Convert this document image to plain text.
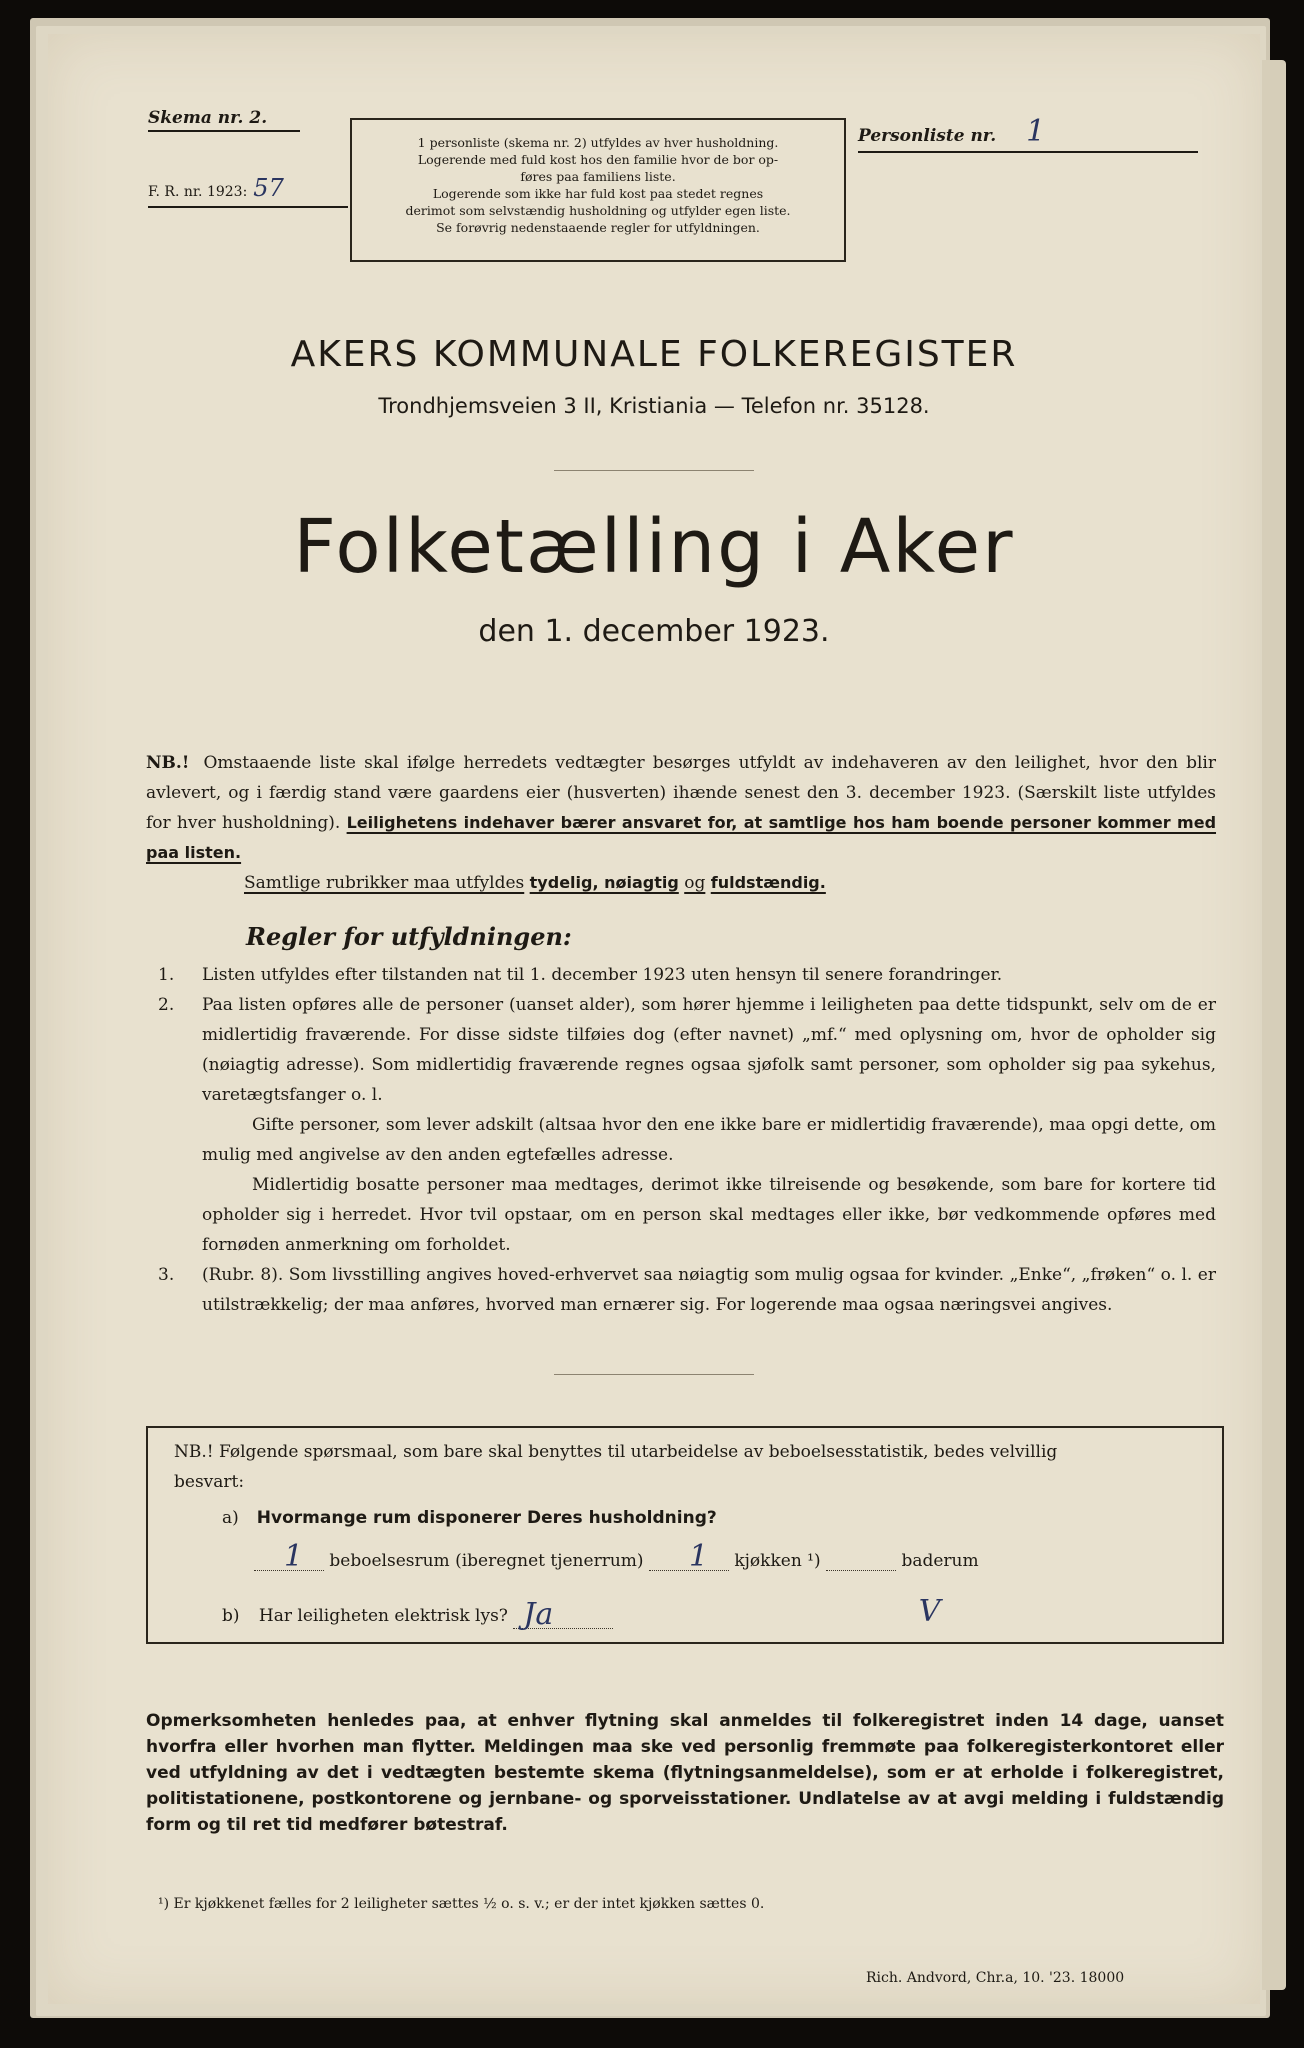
Skema nr. 2.
F. R. nr. 1923: 57
1 personliste (skema nr. 2) utfyldes av hver husholdning.
Logerende med fuld kost hos den familie hvor de bor op-
føres paa familiens liste.
Logerende som ikke har fuld kost paa stedet regnes
derimot som selvstændig husholdning og utfylder egen liste.
Se forøvrig nedenstaaende regler for utfyldningen.
Personliste nr. 1
AKERS KOMMUNALE FOLKEREGISTER
Trondhjemsveien 3 II, Kristiania — Telefon nr. 35128.
Folketælling i Aker
den 1. december 1923.
NB.! Omstaaende liste skal ifølge herredets vedtægter besørges utfyldt av indehaveren av den leilighet, hvor den blir avlevert, og i færdig stand være gaardens eier (husverten) ihænde senest den 3. december 1923. (Særskilt liste utfyldes for hver husholdning). Leilighetens indehaver bærer ansvaret for, at samtlige hos ham boende personer kommer med paa listen.
Samtlige rubrikker maa utfyldes tydelig, nøiagtig og fuldstændig.
Regler for utfyldningen:

1. Listen utfyldes efter tilstanden nat til 1. december 1923 uten hensyn til senere forandringer.

2. Paa listen opføres alle de personer (uanset alder), som hører hjemme i leiligheten paa dette tidspunkt, selv om de er midlertidig fraværende. For disse sidste tilføies dog (efter navnet) „mf.“ med oplysning om, hvor de opholder sig (nøiagtig adresse). Som midlertidig fraværende regnes ogsaa sjøfolk samt personer, som opholder sig paa sykehus, varetægtsfanger o. l.

Gifte personer, som lever adskilt (altsaa hvor den ene ikke bare er midlertidig fraværende), maa opgi dette, om mulig med angivelse av den anden egtefælles adresse.

Midlertidig bosatte personer maa medtages, derimot ikke tilreisende og besøkende, som bare for kortere tid opholder sig i herredet. Hvor tvil opstaar, om en person skal medtages eller ikke, bør vedkommende opføres med fornøden anmerkning om forholdet.

3. (Rubr. 8). Som livsstilling angives hoved-erhvervet saa nøiagtig som mulig ogsaa for kvinder. „Enke“, „frøken“ o. l. er utilstrækkelig; der maa anføres, hvorved man ernærer sig. For logerende maa ogsaa næringsvei angives.

NB.! Følgende spørsmaal, som bare skal benyttes til utarbeidelse av beboelsesstatistik, bedes velvillig
besvart:
a) Hvormange rum disponerer Deres husholdning?
1 beboelsesrum (iberegnet tjenerrum) 1 kjøkken ¹)	baderum
b) Har leiligheten elektrisk lys? Ja	V
Opmerksomheten henledes paa, at enhver flytning skal anmeldes til folkeregistret inden 14 dage, uanset hvorfra eller hvorhen man flytter. Meldingen maa ske ved personlig fremmøte paa folkeregisterkontoret eller ved utfyldning av det i vedtægten bestemte skema (flytningsanmeldelse), som er at erholde i folkeregistret, politistationene, postkontorene og jernbane- og sporveisstationer. Undlatelse av at avgi melding i fuldstændig form og til ret tid medfører bøtestraf.
¹) Er kjøkkenet fælles for 2 leiligheter sættes ½ o. s. v.; er der intet kjøkken sættes 0.
Rich. Andvord, Chr.a, 10. '23. 18000
